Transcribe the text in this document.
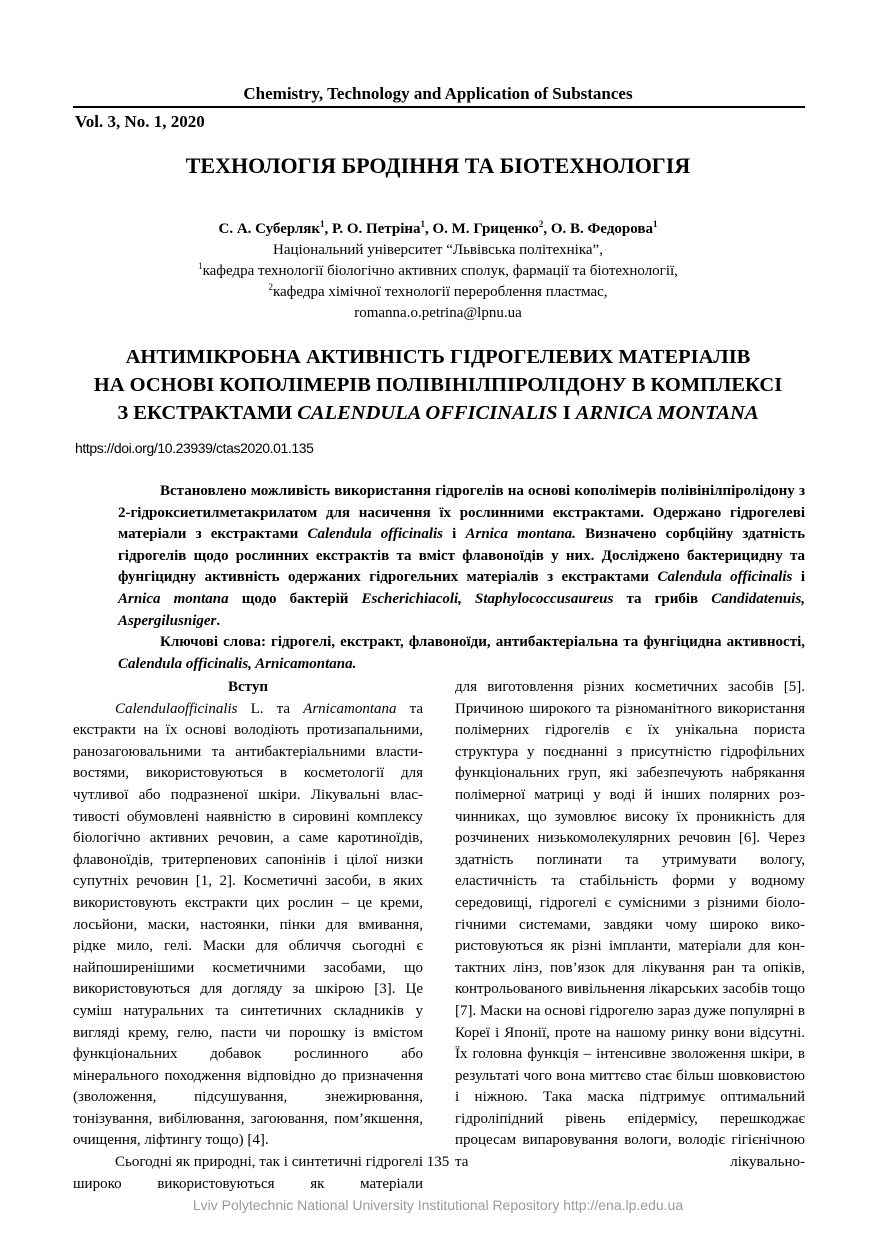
Chemistry, Technology and Application of Substances
Vol. 3, No. 1, 2020
ТЕХНОЛОГІЯ БРОДІННЯ ТА БІОТЕХНОЛОГІЯ
С. А. Суберляк$^1$, Р. О. Петріна$^1$, О. М. Гриценко$^2$, О. В. Федорова$^1$
Національний університет “Львівська політехніка”,
$^1$кафедра технології біологічно активних сполук, фармації та біотехнології,
$^2$кафедра хімічної технології перероблення пластмас,
romanna.o.petrina@lpnu.ua
АНТИМІКРОБНА АКТИВНІСТЬ ГІДРОГЕЛЕВИХ МАТЕРІАЛІВ
НА ОСНОВІ КОПОЛІМЕРІВ ПОЛІВІНІЛПІРОЛІДОНУ В КОМПЛЕКСІ
З ЕКСТРАКТАМИ CALENDULA OFFICINALIS І ARNICA MONTANA
https://doi.org/10.23939/ctas2020.01.135

Встановлено можливість використання гідрогелів на основі кополімерів полівінілпіролідону з 2-гідроксиетилметакрилатом для насичення їх рослинними екстрактами. Одержано гідрогелеві матеріали з екстрактами Calendula officinalis і Arnica montana. Визначено сорбційну здатність гідрогелів щодо рослинних екстрактів та вміст флавоноїдів у них. Досліджено бактерицидну та фунгіцидну активність одержаних гідрогельних матеріалів з екстрактами Calendula officinalis і Arnica montana щодо бактерій Escherichiacoli, Staphylococcusaureus та грибів Candidatenuis, Aspergilusniger.

Ключові слова: гідрогелі, екстракт, флавоноїди, антибактеріальна та фунгіцидна активності, Calendula officinalis, Arnicamontana.

Вступ

Calendulaofficinalis L. та Arnicamontana та екстракти на їх основі володіють протизапальними, ранозагоювальними та антибактеріальними властивостями, використовуються в косметології для чутливої або подразненої шкіри. Лікувальні властивості обумовлені наявністю в сировині комплексу біологічно активних речовин, а саме каротиноїдів, флавоноїдів, тритерпенових сапонінів і цілої низки супутніх речовин [1, 2]. Косметичні засоби, в яких використовують екстракти цих рослин – це креми, лосьйони, маски, настоянки, пінки для вмивання, рідке мило, гелі. Маски для обличчя сьогодні є найпоширенішими косметичними засобами, що використовуються для догляду за шкірою [3]. Це суміш натуральних та синтетичних складників у вигляді крему, гелю, пасти чи порошку із вмістом функціональних добавок рослинного або мінерального походження відповідно до призначення (зволоження, підсушування, знежирювання, тонізування, вибілювання, загоювання, пом’якшення, очищення, ліфтингу тощо) [4].

Сьогодні як природні, так і синтетичні гідрогелі широко використовуються як матеріали

для виготовлення різних косметичних засобів [5]. Причиною широкого та різноманітного використання полімерних гідрогелів є їх унікальна пориста структура у поєднанні з присутністю гідрофільних функціональних груп, які забезпечують набрякання полімерної матриці у воді й інших полярних розчинниках, що зумовлює високу їх проникність для розчинених низькомолекулярних речовин [6]. Через здатність поглинати та утримувати вологу, еластичність та стабільність форми у водному середовищі, гідрогелі є сумісними з різними біологічними системами, завдяки чому широко використовуються як різні імпланти, матеріали для контактних лінз, пов’язок для лікування ран та опіків, контрольованого вивільнення лікарських засобів тощо [7]. Маски на основі гідрогелю зараз дуже популярні в Кореї і Японії, проте на нашому ринку вони відсутні. Їх головна функція – інтенсивне зволоження шкіри, в результаті чого вона миттєво стає більш шовковистою і ніжною. Така маска підтримує оптимальний гідроліпідний рівень епідермісу, перешкоджає процесам випаровування вологи, володіє гігієнічною та лікувально-

135
Lviv Polytechnic National University Institutional Repository http://ena.lp.edu.ua
